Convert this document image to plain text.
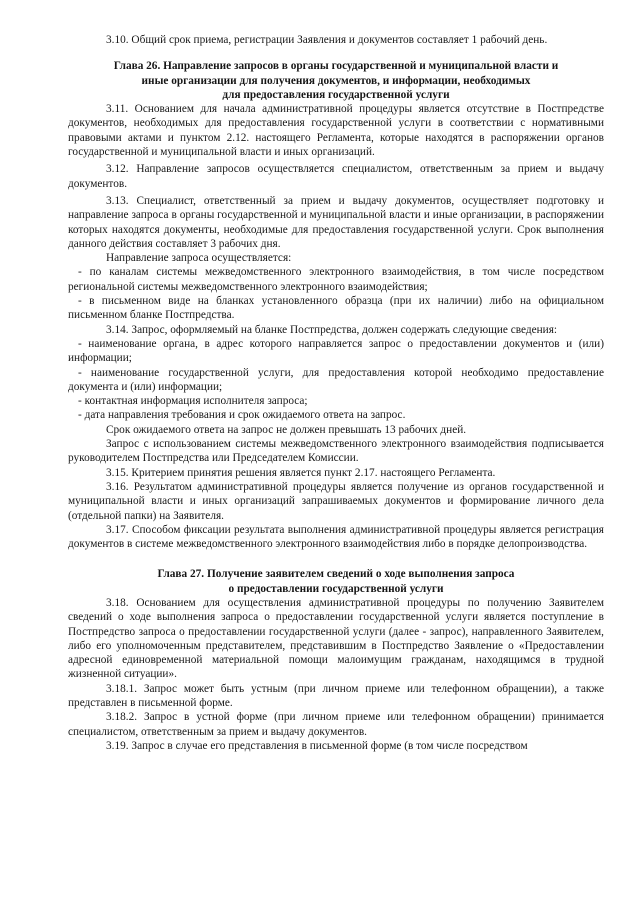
3.10. Общий срок приема, регистрации Заявления и документов составляет 1 рабочий день.

Глава 26. Направление запросов в органы государственной и муниципальной власти и
иные организации для получения документов, и информации, необходимых
для предоставления государственной услуги

3.11. Основанием для начала административной процедуры является отсутствие в Постпредстве документов, необходимых для предоставления государственной услуги в соответствии с нормативными правовыми актами и пунктом 2.12. настоящего Регламента, которые находятся в распоряжении органов государственной и муниципальной власти и иных организаций.

3.12. Направление запросов осуществляется специалистом, ответственным за прием и выдачу документов.

3.13. Специалист, ответственный за прием и выдачу документов, осуществляет подготовку и направление запроса в органы государственной и муниципальной власти и иные организации, в распоряжении которых находятся документы, необходимые для предоставления государственной услуги. Срок выполнения данного действия составляет 3 рабочих дня.

Направление запроса осуществляется:

- по каналам системы межведомственного электронного взаимодействия, в том числе посредством региональной системы межведомственного электронного взаимодействия;

- в письменном виде на бланках установленного образца (при их наличии) либо на официальном письменном бланке Постпредства.

3.14. Запрос, оформляемый на бланке Постпредства, должен содержать следующие сведения:

- наименование органа, в адрес которого направляется запрос о предоставлении документов и (или) информации;

- наименование государственной услуги, для предоставления которой необходимо предоставление документа и (или) информации;

- контактная информация исполнителя запроса;

- дата направления требования и срок ожидаемого ответа на запрос.

Срок ожидаемого ответа на запрос не должен превышать 13 рабочих дней.

Запрос с использованием системы межведомственного электронного взаимодействия подписывается руководителем Постпредства или Председателем Комиссии.

3.15. Критерием принятия решения является пункт 2.17. настоящего Регламента.

3.16. Результатом административной процедуры является получение из органов государственной и муниципальной власти и иных организаций запрашиваемых документов и формирование личного дела (отдельной папки) на Заявителя.

3.17. Способом фиксации результата выполнения административной процедуры является регистрация документов в системе межведомственного электронного взаимодействия либо в порядке делопроизводства.

Глава 27. Получение заявителем сведений о ходе выполнения запроса
о предоставлении государственной услуги

3.18. Основанием для осуществления административной процедуры по получению Заявителем сведений о ходе выполнения запроса о предоставлении государственной услуги является поступление в Постпредство запроса о предоставлении государственной услуги (далее - запрос), направленного Заявителем, либо его уполномоченным представителем, представившим в Постпредство Заявление о «Предоставлении адресной единовременной материальной помощи малоимущим гражданам, находящимся в трудной жизненной ситуации».

3.18.1. Запрос может быть устным (при личном приеме или телефонном обращении), а также представлен в письменной форме.

3.18.2. Запрос в устной форме (при личном приеме или телефонном обращении) принимается специалистом, ответственным за прием и выдачу документов.

3.19. Запрос в случае его представления в письменной форме (в том числе посредством
